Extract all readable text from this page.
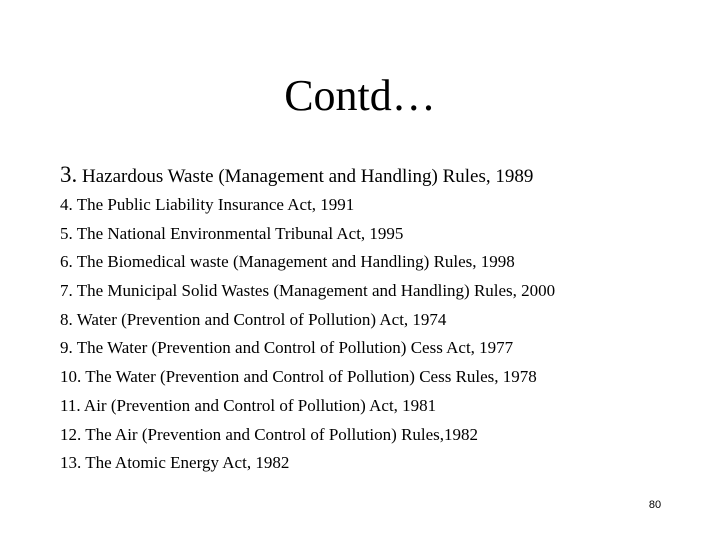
Contd…
3. Hazardous Waste (Management and Handling) Rules, 1989
4. The Public Liability Insurance Act, 1991
5. The National Environmental Tribunal Act, 1995
6. The Biomedical waste (Management and Handling) Rules, 1998
7. The Municipal Solid Wastes (Management and Handling) Rules, 2000
8. Water (Prevention and Control of Pollution) Act, 1974
9. The Water (Prevention and Control of Pollution) Cess Act, 1977
10. The Water (Prevention and Control of Pollution) Cess Rules, 1978
11. Air (Prevention and Control of Pollution) Act, 1981
12. The Air (Prevention and Control of Pollution) Rules,1982
13. The Atomic Energy Act, 1982
80
